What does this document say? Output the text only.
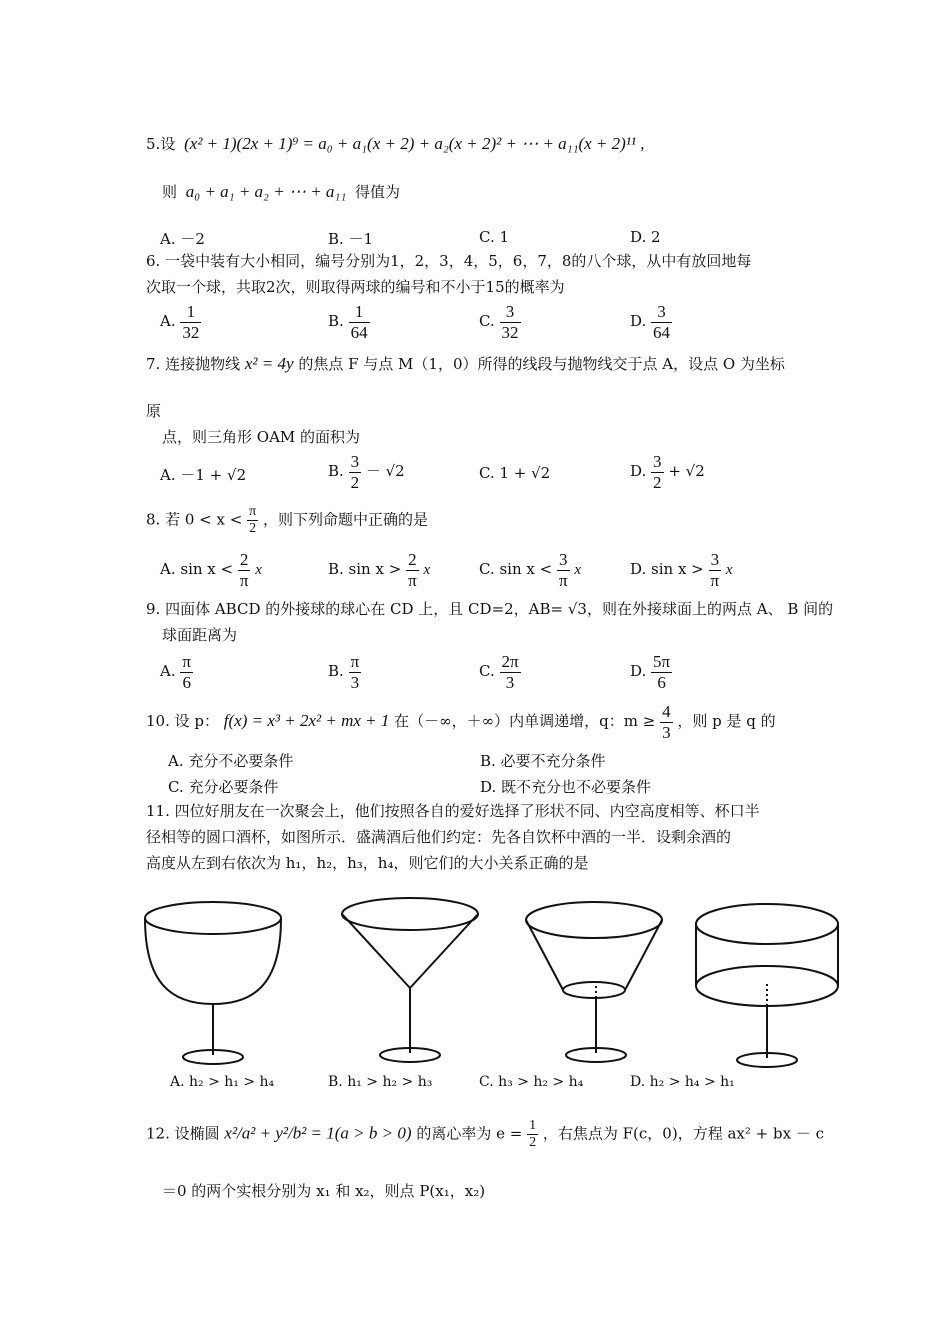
5.设 (x² + 1)(2x + 1)⁹ = a₀ + a₁(x + 2) + a₂(x + 2)² + ⋯ + a₁₁(x + 2)¹¹ ,
则 a₀ + a₁ + a₂ + ⋯ + a₁₁ 得值为
A. －2	B. －1	C. 1	D. 2
6. 一袋中装有大小相同，编号分别为1，2，3，4，5，6，7，8的八个球，从中有放回地每
次取一个球，共取2次，则取得两球的编号和不小于15的概率为
A. $\frac{1}{32}$	B. $\frac{1}{64}$	C. $\frac{3}{32}$	D. $\frac{3}{64}$
7. 连接抛物线 x² = 4y 的焦点 F 与点 M（1，0）所得的线段与抛物线交于点 A，设点 O 为坐标
原
点，则三角形 OAM 的面积为
A. －1 + √2	B. $\frac{3}{2} - √2$	C. 1 + √2	D. $\frac{3}{2} + √2$
8. 若 $0 < x < \frac{\pi}{2}$ ，则下列命题中正确的是
A. $\sin x < \frac{2}{\pi}$ x	B. $\sin x > \frac{2}{\pi}$ x	C. $\sin x < \frac{3}{\pi}$ x	D. $\sin x > \frac{3}{\pi}$ x
9. 四面体 ABCD 的外接球的球心在 CD 上，且 CD=2，AB= √3，则在外接球面上的两点 A、 B 间的
球面距离为
A. $\frac{\pi}{6}$	B. $\frac{\pi}{3}$	C. $\frac{2\pi}{3}$	D. $\frac{5\pi}{6}$
10. 设 p： f(x) = x³ + 2x² + mx + 1 在（－∞，＋∞）内单调递增，q：$m \ge \frac{4}{3}$ ，则 p 是 q 的
A. 充分不必要条件	B. 必要不充分条件
C. 充分必要条件	D. 既不充分也不必要条件
11. 四位好朋友在一次聚会上，他们按照各自的爱好选择了形状不同、内空高度相等、杯口半
径相等的圆口酒杯，如图所示．盛满酒后他们约定：先各自饮杯中酒的一半．设剩余酒的
高度从左到右依次为 h₁，h₂，h₃，h₄，则它们的大小关系正确的是
A. h₂ > h₁ > h₄	B. h₁ > h₂ > h₃	C. h₃ > h₂ > h₄	D. h₂ > h₄ > h₁
12. 设椭圆 x²/a² + y²/b² = 1(a > b > 0) 的离心率为 $e = \frac{1}{2}$ ，右焦点为 F(c，0)，方程 ax² + bx － c
＝0 的两个实根分别为 x₁ 和 x₂，则点 P(x₁，x₂)
